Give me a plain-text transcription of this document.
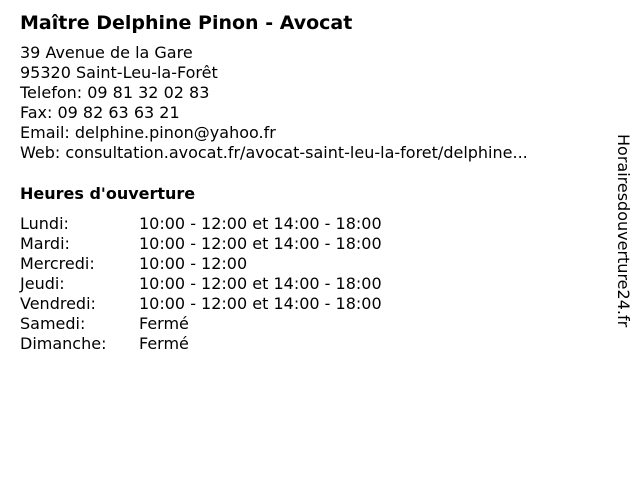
Maître Delphine Pinon - Avocat
39 Avenue de la Gare
95320 Saint-Leu-la-Forêt
Telefon: 09 81 32 02 83
Fax: 09 82 63 63 21
Email: delphine.pinon@yahoo.fr
Web: consultation.avocat.fr/avocat-saint-leu-la-foret/delphine...
Heures d'ouverture
Lundi:	10:00 - 12:00 et 14:00 - 18:00
Mardi:	10:00 - 12:00 et 14:00 - 18:00
Mercredi:	10:00 - 12:00
Jeudi:	10:00 - 12:00 et 14:00 - 18:00
Vendredi:	10:00 - 12:00 et 14:00 - 18:00
Samedi:	Fermé
Dimanche: Fermé
Horairesdouverture24.fr
